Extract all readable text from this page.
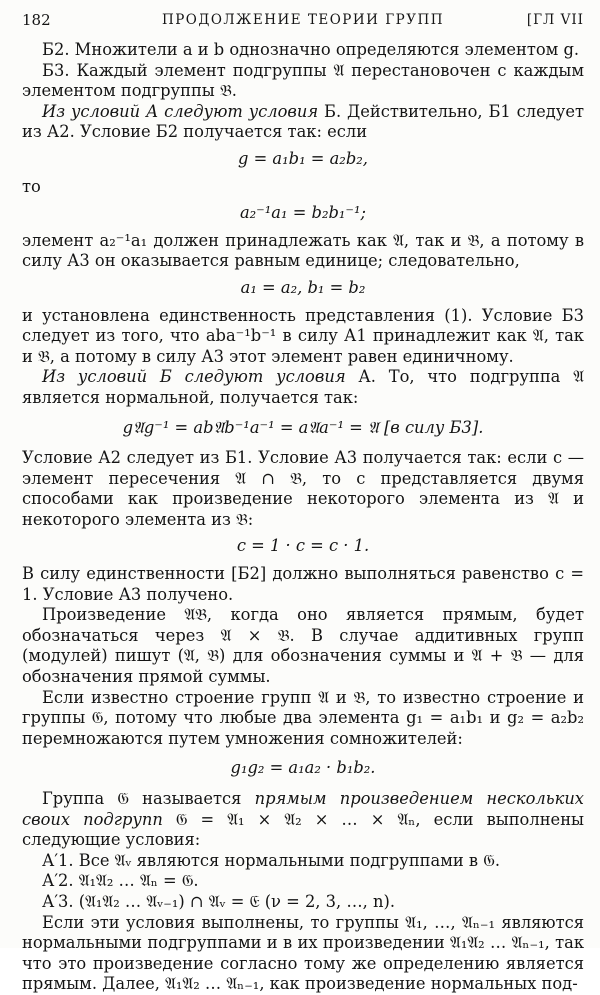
182	ПРОДОЛЖЕНИЕ ТЕОРИИ ГРУПП	[ГЛ VII

Б2. Множители a и b однозначно определяются элементом g.

Б3. Каждый элемент подгруппы 𝔄 перестановочен с каждым элементом подгруппы 𝔅.

Из условий А следуют условия Б. Действительно, Б1 следует из А2. Условие Б2 получается так: если

g = a₁b₁ = a₂b₂,

то

a₂⁻¹a₁ = b₂b₁⁻¹;

элемент a₂⁻¹a₁ должен принадлежать как 𝔄, так и 𝔅, а потому в силу А3 он оказывается равным единице; следовательно,

a₁ = a₂, b₁ = b₂

и установлена единственность представления (1). Условие Б3 следует из того, что aba⁻¹b⁻¹ в силу А1 принадлежит как 𝔄, так и 𝔅, а потому в силу А3 этот элемент равен единичному.

Из условий Б следуют условия А. То, что подгруппа 𝔄 является нормальной, получается так:

g𝔄g⁻¹ = ab𝔄b⁻¹a⁻¹ = a𝔄a⁻¹ = 𝔄 [в силу Б3].

Условие А2 следует из Б1. Условие А3 получается так: если c — элемент пересечения 𝔄 ∩ 𝔅, то c представляется двумя способами как произведение некоторого элемента из 𝔄 и некоторого элемента из 𝔅:

c = 1 · c = c · 1.

В силу единственности [Б2] должно выполняться равенство c = 1. Условие А3 получено.

Произведение 𝔄𝔅, когда оно является прямым, будет обозначаться через 𝔄 × 𝔅. В случае аддитивных групп (модулей) пишут (𝔄, 𝔅) для обозначения суммы и 𝔄 + 𝔅 — для обозначения прямой суммы.

Если известно строение групп 𝔄 и 𝔅, то известно строение и группы 𝔊, потому что любые два элемента g₁ = a₁b₁ и g₂ = a₂b₂ перемножаются путем умножения сомножителей:

g₁g₂ = a₁a₂ · b₁b₂.

Группа 𝔊 называется прямым произведением нескольких своих подгрупп 𝔊 = 𝔄₁ × 𝔄₂ × … × 𝔄ₙ, если выполнены следующие условия:

А′1. Все 𝔄ᵥ являются нормальными подгруппами в 𝔊.

А′2. 𝔄₁𝔄₂ … 𝔄ₙ = 𝔊.

А′3. (𝔄₁𝔄₂ … 𝔄ᵥ₋₁) ∩ 𝔄ᵥ = 𝔈 (ν = 2, 3, …, n).

Если эти условия выполнены, то группы 𝔄₁, …, 𝔄ₙ₋₁ являются нормальными подгруппами и в их произведении 𝔄₁𝔄₂ … 𝔄ₙ₋₁, так что это произведение согласно тому же определению является прямым. Далее, 𝔄₁𝔄₂ … 𝔄ₙ₋₁, как произведение нормальных под-
